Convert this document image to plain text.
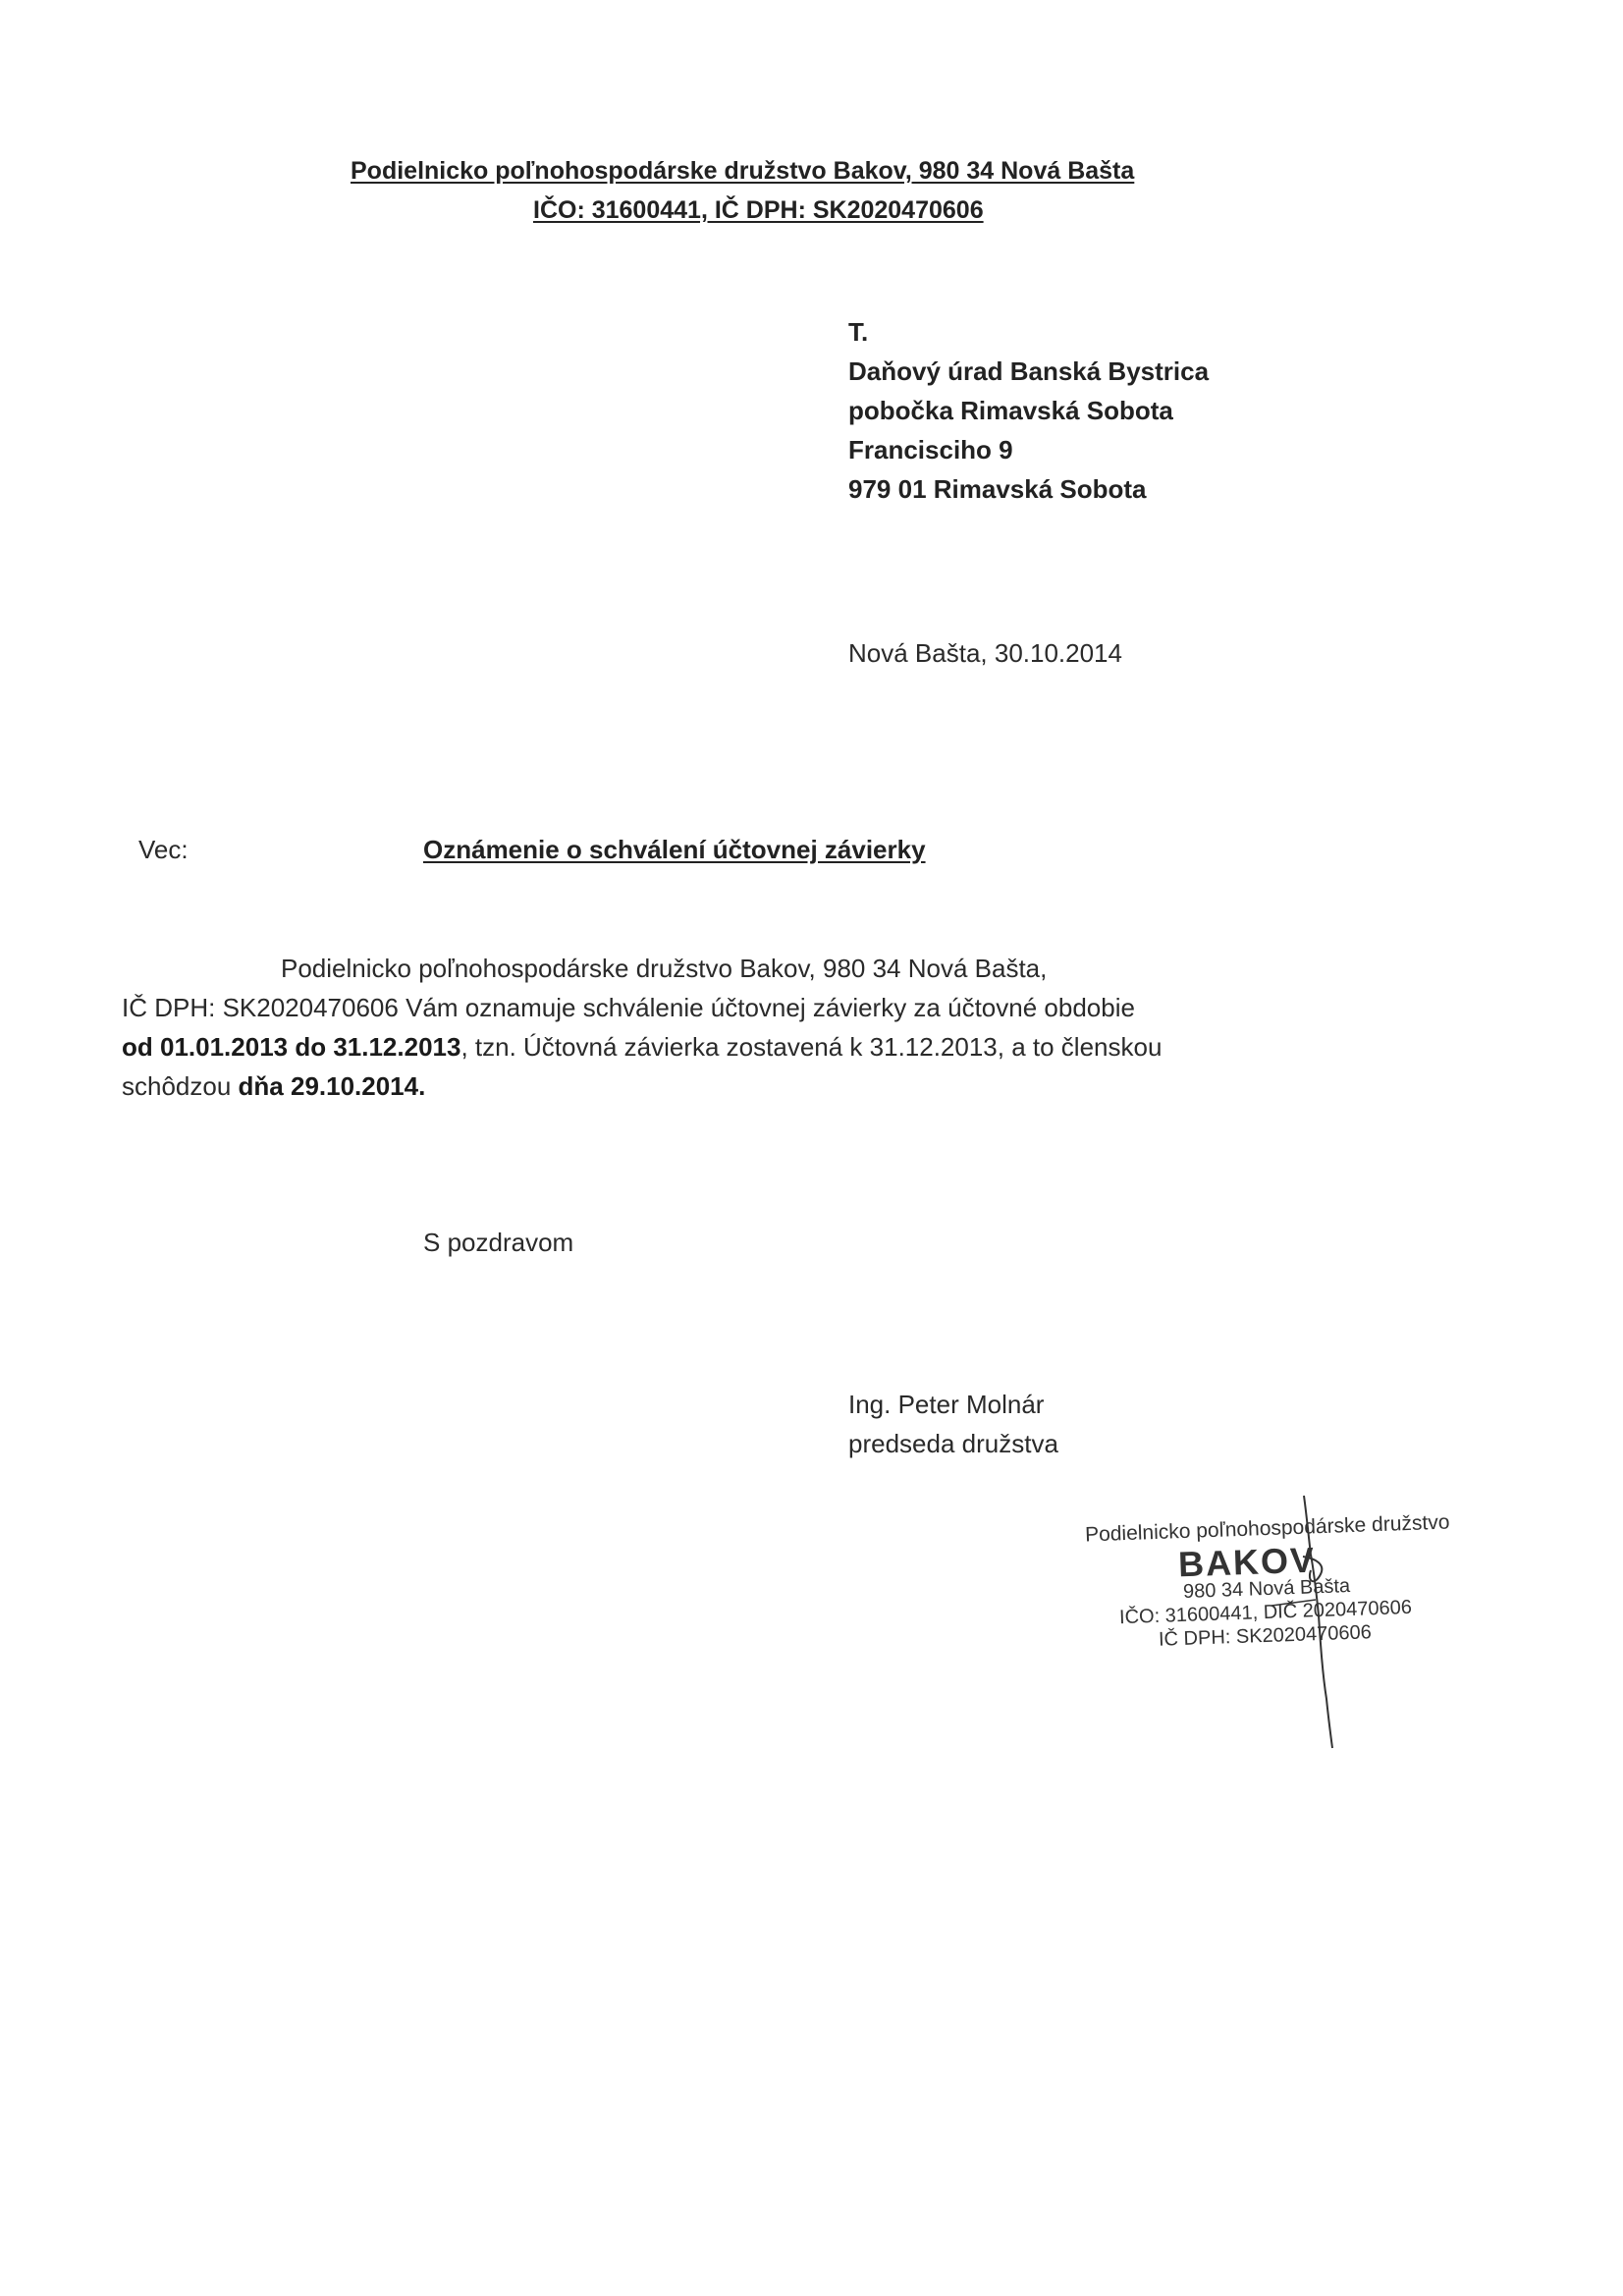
Podielnicko poľnohospodárske družstvo Bakov, 980 34 Nová Bašta
IČO: 31600441, IČ DPH: SK2020470606
T.
Daňový úrad Banská Bystrica
pobočka Rimavská Sobota
Francisciho 9
979 01 Rimavská Sobota
Nová Bašta, 30.10.2014
Vec:	Oznámenie o schválení účtovnej závierky
Podielnicko poľnohospodárske družstvo Bakov, 980 34 Nová Bašta,
IČ DPH: SK2020470606 Vám oznamuje schválenie účtovnej závierky za účtovné obdobie
od 01.01.2013 do 31.12.2013, tzn. Účtovná závierka zostavená k 31.12.2013, a to členskou
schôdzou dňa 29.10.2014.
S pozdravom
Ing. Peter Molnár
predseda družstva
Podielnicko poľnohospodárske družstvo
BAKOV
980 34 Nová Bašta
IČO: 31600441, DIČ 2020470606
IČ DPH: SK2020470606
